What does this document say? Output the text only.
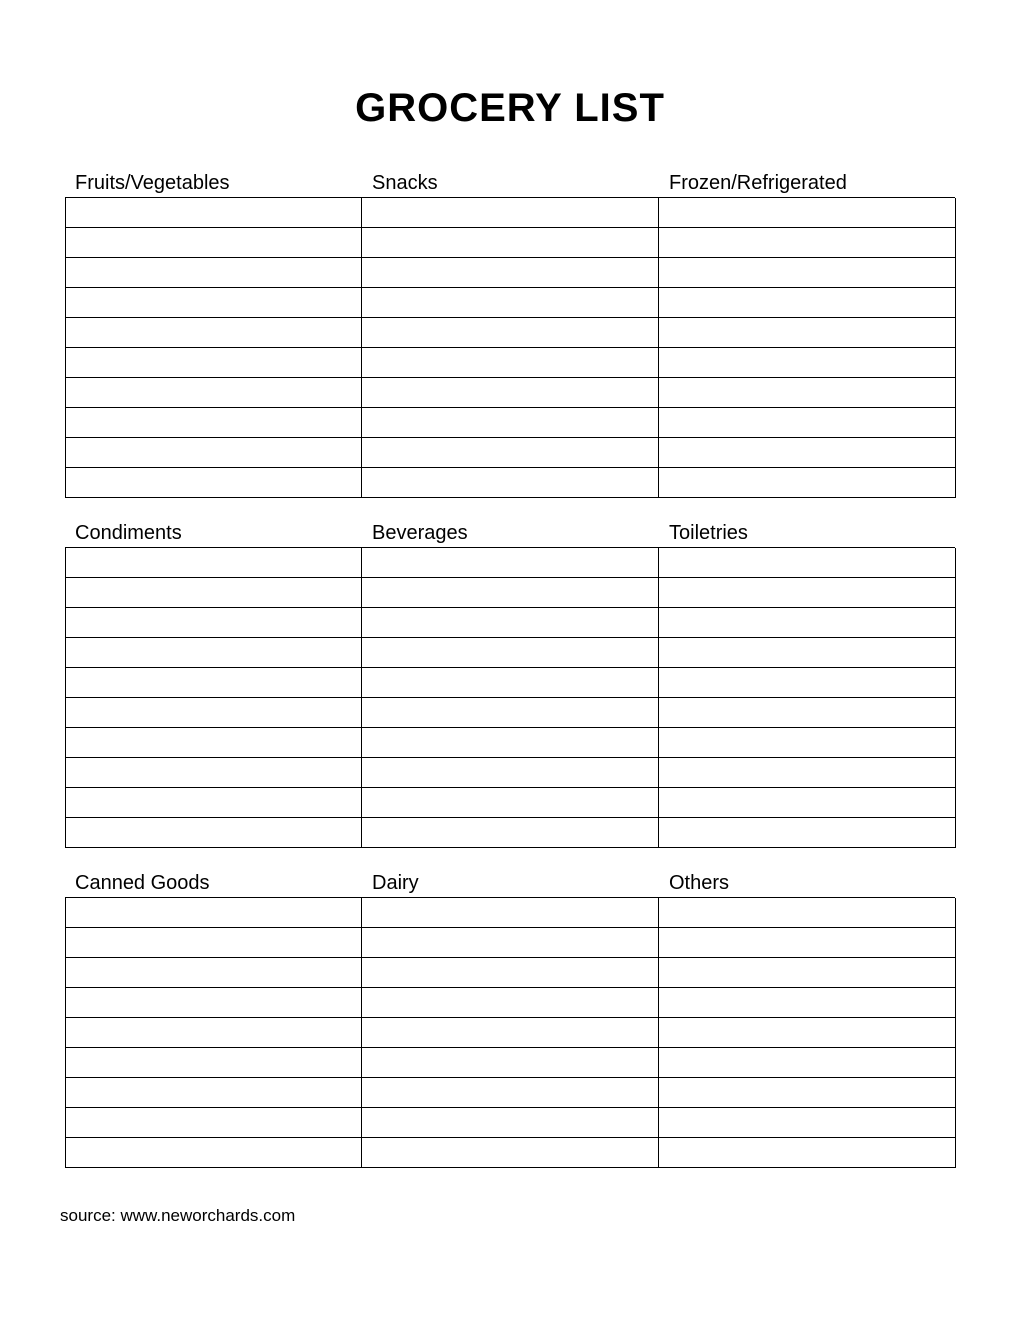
GROCERY LIST
Fruits/Vegetables	Snacks	Frozen/Refrigerated
Condiments	Beverages	Toiletries
Canned Goods	Dairy	Others
source: www.neworchards.com
